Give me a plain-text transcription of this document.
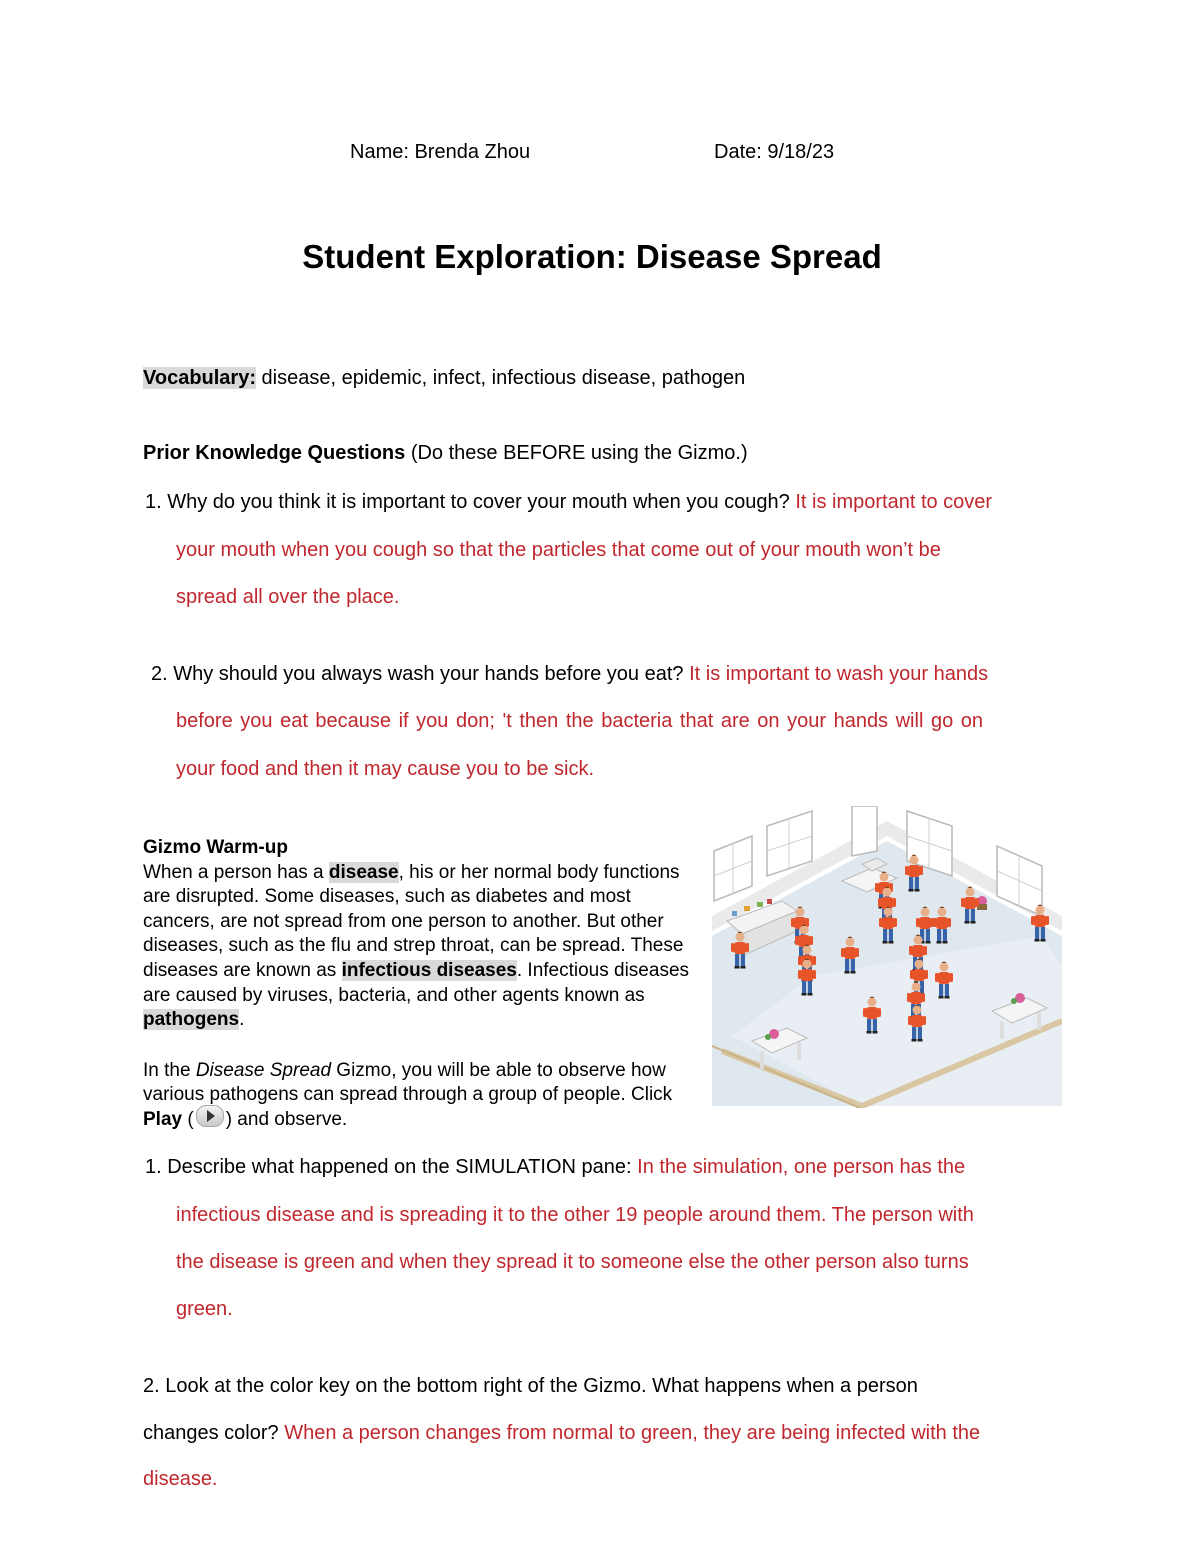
Name: Brenda Zhou	Date: 9/18/23
Student Exploration: Disease Spread
Vocabulary: disease, epidemic, infect, infectious disease, pathogen
Prior Knowledge Questions (Do these BEFORE using the Gizmo.)
1. Why do you think it is important to cover your mouth when you cough? It is important to cover
your mouth when you cough so that the particles that come out of your mouth won’t be
spread all over the place.
2. Why should you always wash your hands before you eat? It is important to wash your hands
before you eat because if you don; 't then the bacteria that are on your hands will go on
your food and then it may cause you to be sick.

Gizmo Warm-up

When a person has a disease, his or her normal body functions are disrupted. Some diseases, such as diabetes and most cancers, are not spread from one person to another. But other diseases, such as the flu and strep throat, can be spread. These diseases are known as infectious diseases. Infectious diseases are caused by viruses, bacteria, and other agents known as pathogens.

In the Disease Spread Gizmo, you will be able to observe how various pathogens can spread through a group of people. Click Play ( ) and observe.

1. Describe what happened on the SIMULATION pane: In the simulation, one person has the
infectious disease and is spreading it to the other 19 people around them. The person with
the disease is green and when they spread it to someone else the other person also turns
green.
2. Look at the color key on the bottom right of the Gizmo. What happens when a person
changes color? When a person changes from normal to green, they are being infected with the
disease.
